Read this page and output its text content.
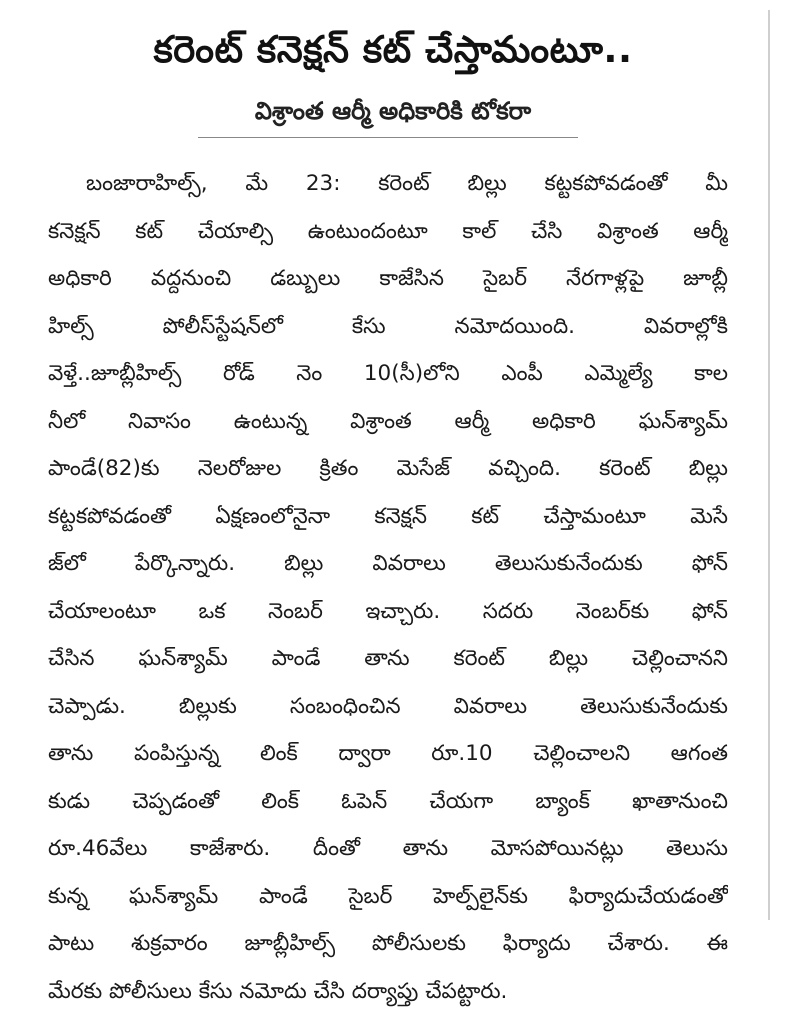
కరెంట్ కనెక్షన్ కట్ చేస్తామంటూ..
విశ్రాంత ఆర్మీ అధికారికి టోకరా
బంజారాహిల్స్, మే 23: కరెంట్ బిల్లు కట్టకపోవడంతో మీ
కనెక్షన్ కట్ చేయాల్సి ఉంటుందంటూ కాల్ చేసి విశ్రాంత ఆర్మీ
అధికారి వద్దనుంచి డబ్బులు కాజేసిన సైబర్ నేరగాళ్లపై జూబ్లీ
హిల్స్ పోలీస్‌స్టేషన్‌లో కేసు నమోదయింది. వివరాల్లోకి
వెళ్తే..జూబ్లీహిల్స్ రోడ్ నెం 10(సీ)లోని ఎంపీ ఎమ్మెల్యే కాల
నీలో నివాసం ఉంటున్న విశ్రాంత ఆర్మీ అధికారి ఘన్‌శ్యామ్
పాండే(82)కు నెలరోజుల క్రితం మెసేజ్ వచ్చింది. కరెంట్ బిల్లు
కట్టకపోవడంతో ఏక్షణంలోనైనా కనెక్షన్ కట్ చేస్తామంటూ మెసే
జ్‌లో పేర్కొన్నారు. బిల్లు వివరాలు తెలుసుకునేందుకు ఫోన్
చేయాలంటూ ఒక నెంబర్ ఇచ్చారు. సదరు నెంబర్‌కు ఫోన్
చేసిన ఘన్‌శ్యామ్ పాండే తాను కరెంట్ బిల్లు చెల్లించానని
చెప్పాడు. బిల్లుకు సంబంధించిన వివరాలు తెలుసుకునేందుకు
తాను పంపిస్తున్న లింక్ ద్వారా రూ.10 చెల్లించాలని ఆగంత
కుడు చెప్పడంతో లింక్ ఓపెన్ చేయగా బ్యాంక్ ఖాతానుంచి
రూ.46వేలు కాజేశారు. దీంతో తాను మోసపోయినట్లు తెలుసు
కున్న ఘన్‌శ్యామ్ పాండే సైబర్ హెల్ప్‌లైన్‌కు ఫిర్యాదుచేయడంతో
పాటు శుక్రవారం జూబ్లీహిల్స్ పోలీసులకు ఫిర్యాదు చేశారు. ఈ
మేరకు పోలీసులు కేసు నమోదు చేసి దర్యాప్తు చేపట్టారు.
